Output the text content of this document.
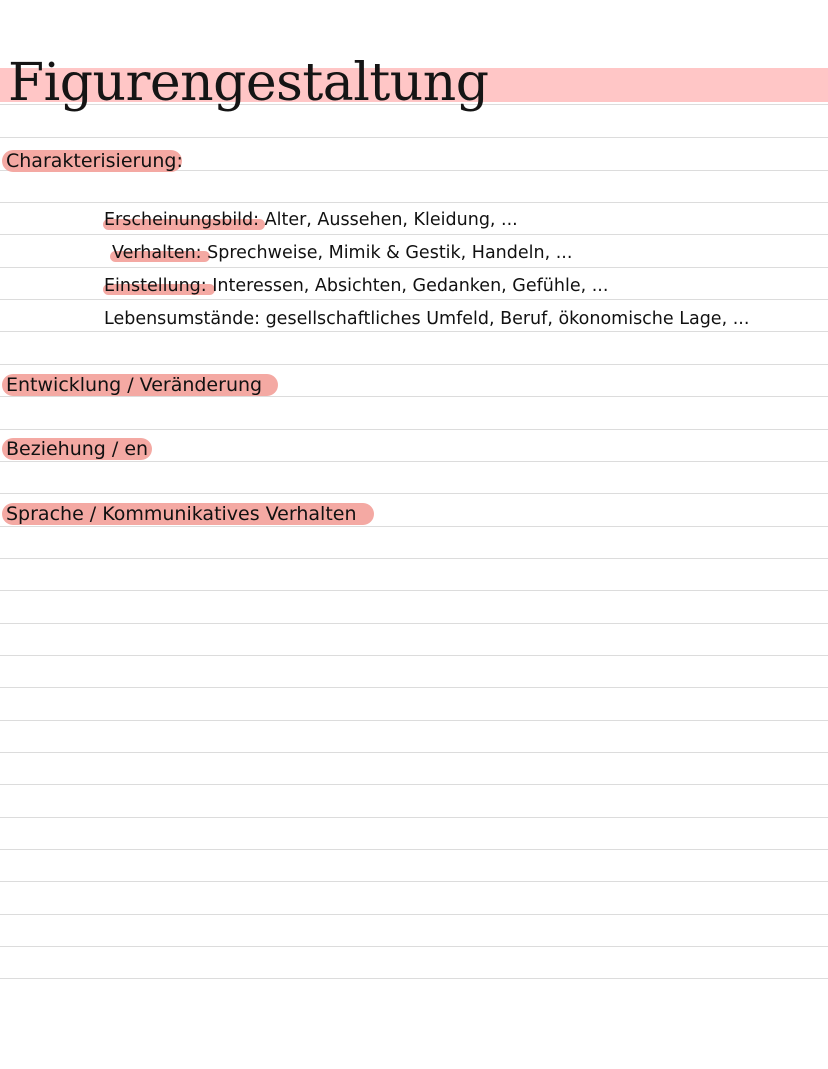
Figurengestaltung
Charakterisierung:
Erscheinungsbild: Alter, Aussehen, Kleidung, ...
Verhalten: Sprechweise, Mimik & Gestik, Handeln, ...
Einstellung: Interessen, Absichten, Gedanken, Gefühle, ...
Lebensumstände: gesellschaftliches Umfeld, Beruf, ökonomische Lage, ...
Entwicklung / Veränderung
Beziehung / en
Sprache / Kommunikatives Verhalten
